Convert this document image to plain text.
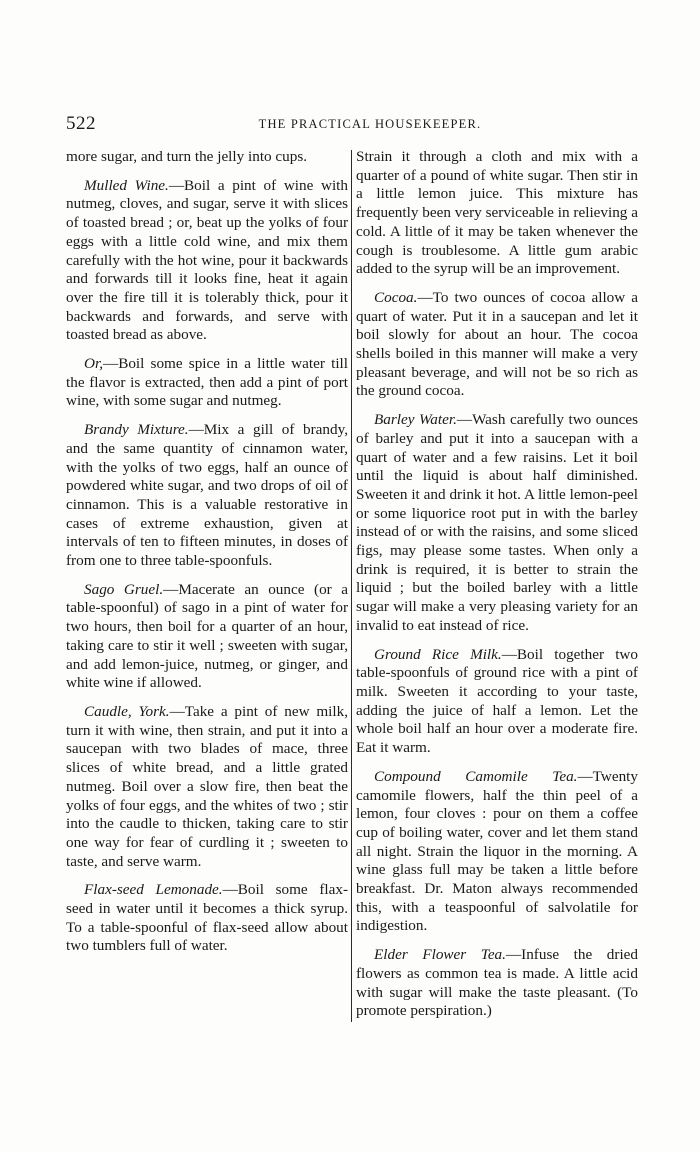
522	THE PRACTICAL HOUSEKEEPER.

more sugar, and turn the jelly into cups.

Mulled Wine.—Boil a pint of wine with nutmeg, cloves, and sugar, serve it with slices of toasted bread ; or, beat up the yolks of four eggs with a little cold wine, and mix them carefully with the hot wine, pour it backwards and forwards till it looks fine, heat it again over the fire till it is tolerably thick, pour it backwards and forwards, and serve with toasted bread as above.

Or,—Boil some spice in a little water till the flavor is extracted, then add a pint of port wine, with some sugar and nutmeg.

Brandy Mixture.—Mix a gill of brandy, and the same quantity of cinnamon water, with the yolks of two eggs, half an ounce of powdered white sugar, and two drops of oil of cinnamon. This is a valuable restorative in cases of extreme exhaustion, given at intervals of ten to fifteen minutes, in doses of from one to three table-spoonfuls.

Sago Gruel.—Macerate an ounce (or a table-spoonful) of sago in a pint of water for two hours, then boil for a quarter of an hour, taking care to stir it well ; sweeten with sugar, and add lemon-juice, nutmeg, or ginger, and white wine if allowed.

Caudle, York.—Take a pint of new milk, turn it with wine, then strain, and put it into a saucepan with two blades of mace, three slices of white bread, and a little grated nutmeg. Boil over a slow fire, then beat the yolks of four eggs, and the whites of two ; stir into the caudle to thicken, taking care to stir one way for fear of curdling it ; sweeten to taste, and serve warm.

Flax-seed Lemonade.—Boil some flax-seed in water until it becomes a thick syrup. To a table-spoonful of flax-seed allow about two tumblers full of water.

Strain it through a cloth and mix with a quarter of a pound of white sugar. Then stir in a little lemon juice. This mixture has frequently been very serviceable in relieving a cold. A little of it may be taken whenever the cough is troublesome. A little gum arabic added to the syrup will be an improvement.

Cocoa.—To two ounces of cocoa allow a quart of water. Put it in a saucepan and let it boil slowly for about an hour. The cocoa shells boiled in this manner will make a very pleasant beverage, and will not be so rich as the ground cocoa.

Barley Water.—Wash carefully two ounces of barley and put it into a saucepan with a quart of water and a few raisins. Let it boil until the liquid is about half diminished. Sweeten it and drink it hot. A little lemon-peel or some liquorice root put in with the barley instead of or with the raisins, and some sliced figs, may please some tastes. When only a drink is required, it is better to strain the liquid ; but the boiled barley with a little sugar will make a very pleasing variety for an invalid to eat instead of rice.

Ground Rice Milk.—Boil together two table-spoonfuls of ground rice with a pint of milk. Sweeten it according to your taste, adding the juice of half a lemon. Let the whole boil half an hour over a moderate fire. Eat it warm.

Compound Camomile Tea.—Twenty camomile flowers, half the thin peel of a lemon, four cloves : pour on them a coffee cup of boiling water, cover and let them stand all night. Strain the liquor in the morning. A wine glass full may be taken a little before breakfast. Dr. Maton always recommended this, with a teaspoonful of salvolatile for indigestion.

Elder Flower Tea.—Infuse the dried flowers as common tea is made. A little acid with sugar will make the taste pleasant. (To promote perspiration.)
